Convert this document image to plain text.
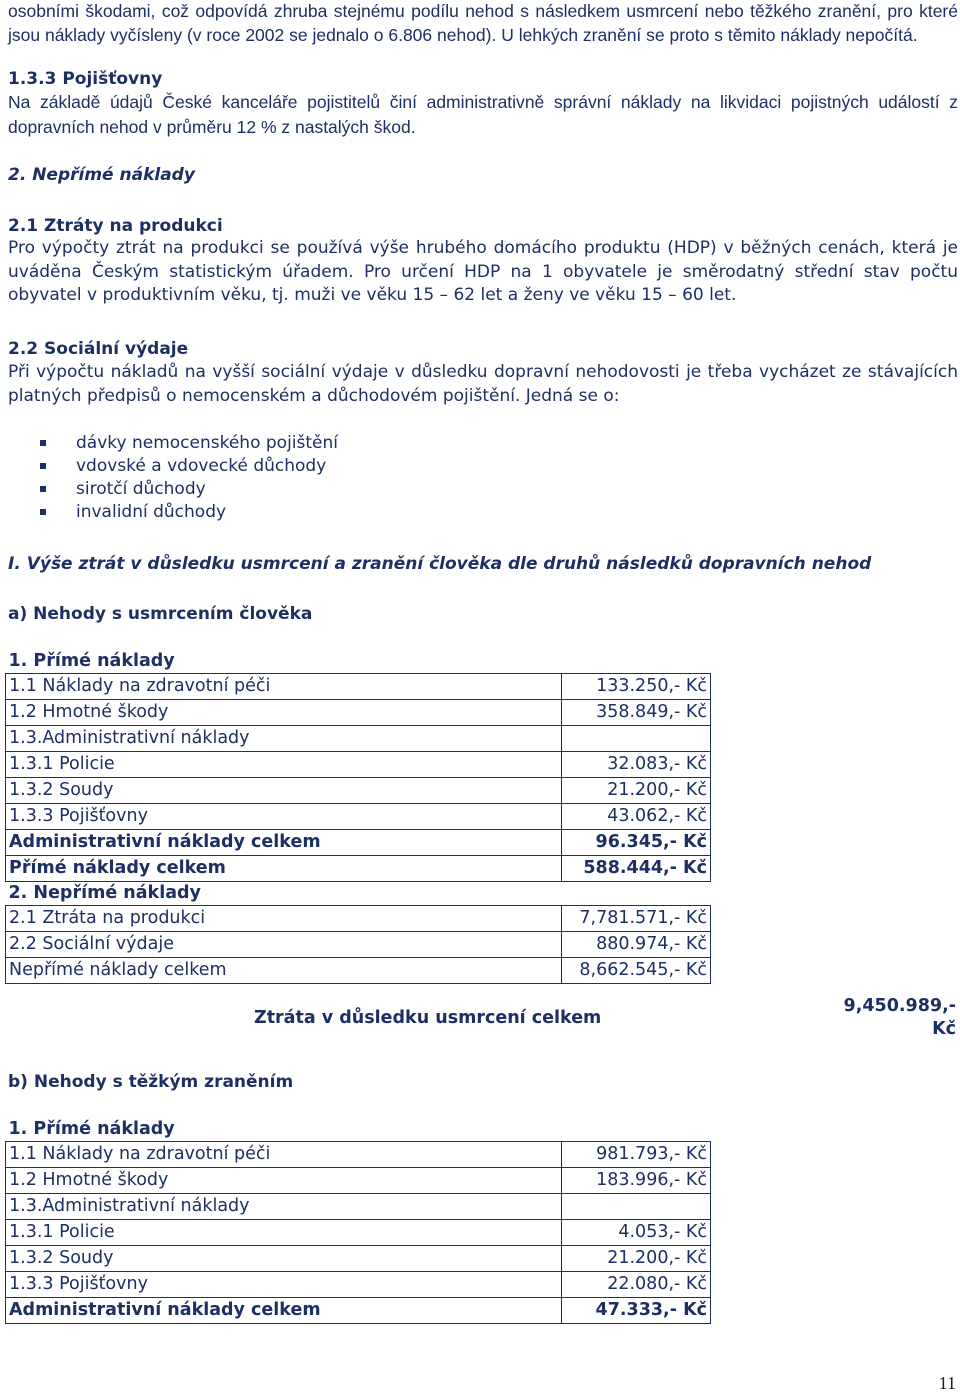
osobními škodami, což odpovídá zhruba stejnému podílu nehod s následkem usmrcení nebo těžkého zranění, pro které jsou náklady vyčísleny (v roce 2002 se jednalo o 6.806 nehod). U lehkých zranění se proto s těmito náklady nepočítá.

1.3.3 Pojišťovny

Na základě údajů České kanceláře pojistitelů činí administrativně správní náklady na likvidaci pojistných událostí z dopravních nehod v průměru 12 % z nastalých škod.

2. Nepřímé náklady

2.1 Ztráty na produkci

Pro výpočty ztrát na produkci se používá výše hrubého domácího produktu (HDP) v běžných cenách, která je uváděna Českým statistickým úřadem. Pro určení HDP na 1 obyvatele je směrodatný střední stav počtu obyvatel v produktivním věku, tj. muži ve věku 15 – 62 let a ženy ve věku 15 – 60 let.

2.2 Sociální výdaje

Při výpočtu nákladů na vyšší sociální výdaje v důsledku dopravní nehodovosti je třeba vycházet ze stávajících platných předpisů o nemocenském a důchodovém pojištění. Jedná se o:

dávky nemocenského pojištění
vdovské a vdovecké důchody
sirotčí důchody
invalidní důchody

I. Výše ztrát v důsledku usmrcení a zranění člověka dle druhů následků dopravních nehod

a) Nehody s usmrcením člověka

1. Přímé náklady	
1.1 Náklady na zdravotní péči	133.250,- Kč
1.2 Hmotné škody	358.849,- Kč
1.3.Administrativní náklady	
1.3.1 Policie	32.083,- Kč
1.3.2 Soudy	21.200,- Kč
1.3.3 Pojišťovny	43.062,- Kč
Administrativní náklady celkem	96.345,- Kč
Přímé náklady celkem	588.444,- Kč
2. Nepřímé náklady	
2.1 Ztráta na produkci	7,781.571,- Kč
2.2 Sociální výdaje	880.974,- Kč
Nepřímé náklady celkem	8,662.545,- Kč
Ztráta v důsledku usmrcení celkem
9,450.989,-
Kč

b) Nehody s těžkým zraněním

1. Přímé náklady	
1.1 Náklady na zdravotní péči	981.793,- Kč
1.2 Hmotné škody	183.996,- Kč
1.3.Administrativní náklady	
1.3.1 Policie	4.053,- Kč
1.3.2 Soudy	21.200,- Kč
1.3.3 Pojišťovny	22.080,- Kč
Administrativní náklady celkem	47.333,- Kč
11
